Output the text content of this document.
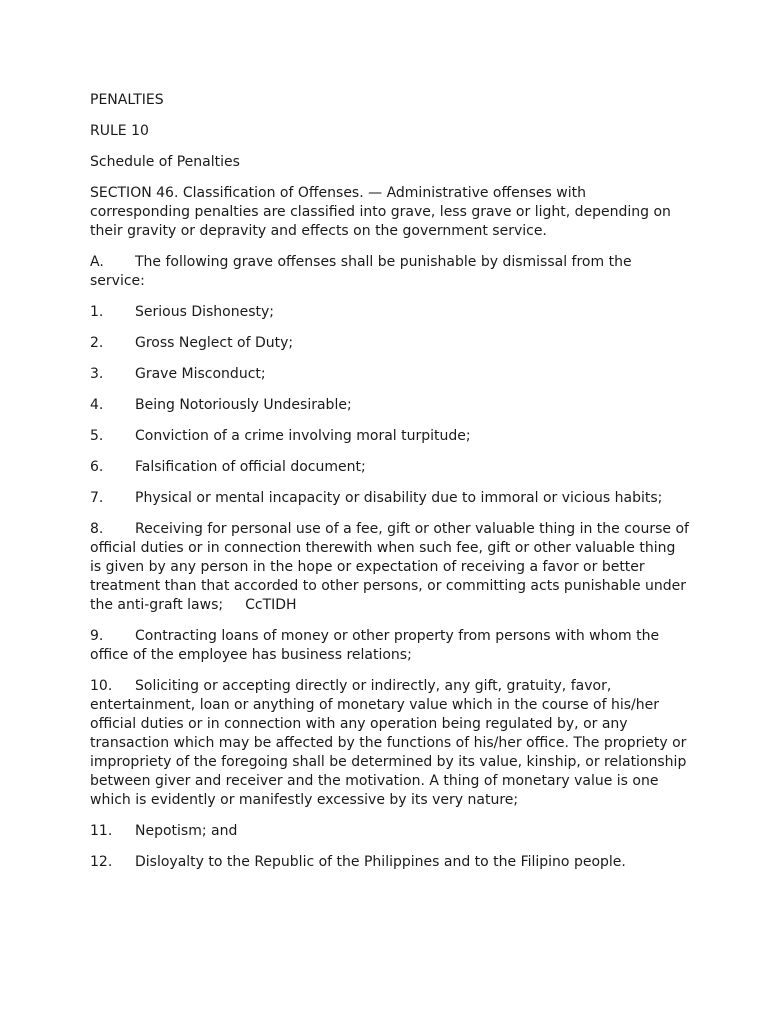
PENALTIES

RULE 10

Schedule of Penalties

SECTION 46. Classification of Offenses. — Administrative offenses with corresponding penalties are classified into grave, less grave or light, depending on their gravity or depravity and effects on the government service.

A. The following grave offenses shall be punishable by dismissal from the service:

1. Serious Dishonesty;

2. Gross Neglect of Duty;

3. Grave Misconduct;

4. Being Notoriously Undesirable;

5. Conviction of a crime involving moral turpitude;

6. Falsification of official document;

7. Physical or mental incapacity or disability due to immoral or vicious habits;

8. Receiving for personal use of a fee, gift or other valuable thing in the course of official duties or in connection therewith when such fee, gift or other valuable thing is given by any person in the hope or expectation of receiving a favor or better treatment than that accorded to other persons, or committing acts punishable under the anti-graft laws; CcTIDH

9. Contracting loans of money or other property from persons with whom the office of the employee has business relations;

10. Soliciting or accepting directly or indirectly, any gift, gratuity, favor, entertainment, loan or anything of monetary value which in the course of his/her official duties or in connection with any operation being regulated by, or any transaction which may be affected by the functions of his/her office. The propriety or impropriety of the foregoing shall be determined by its value, kinship, or relationship between giver and receiver and the motivation. A thing of monetary value is one which is evidently or manifestly excessive by its very nature;

11. Nepotism; and

12. Disloyalty to the Republic of the Philippines and to the Filipino people.
